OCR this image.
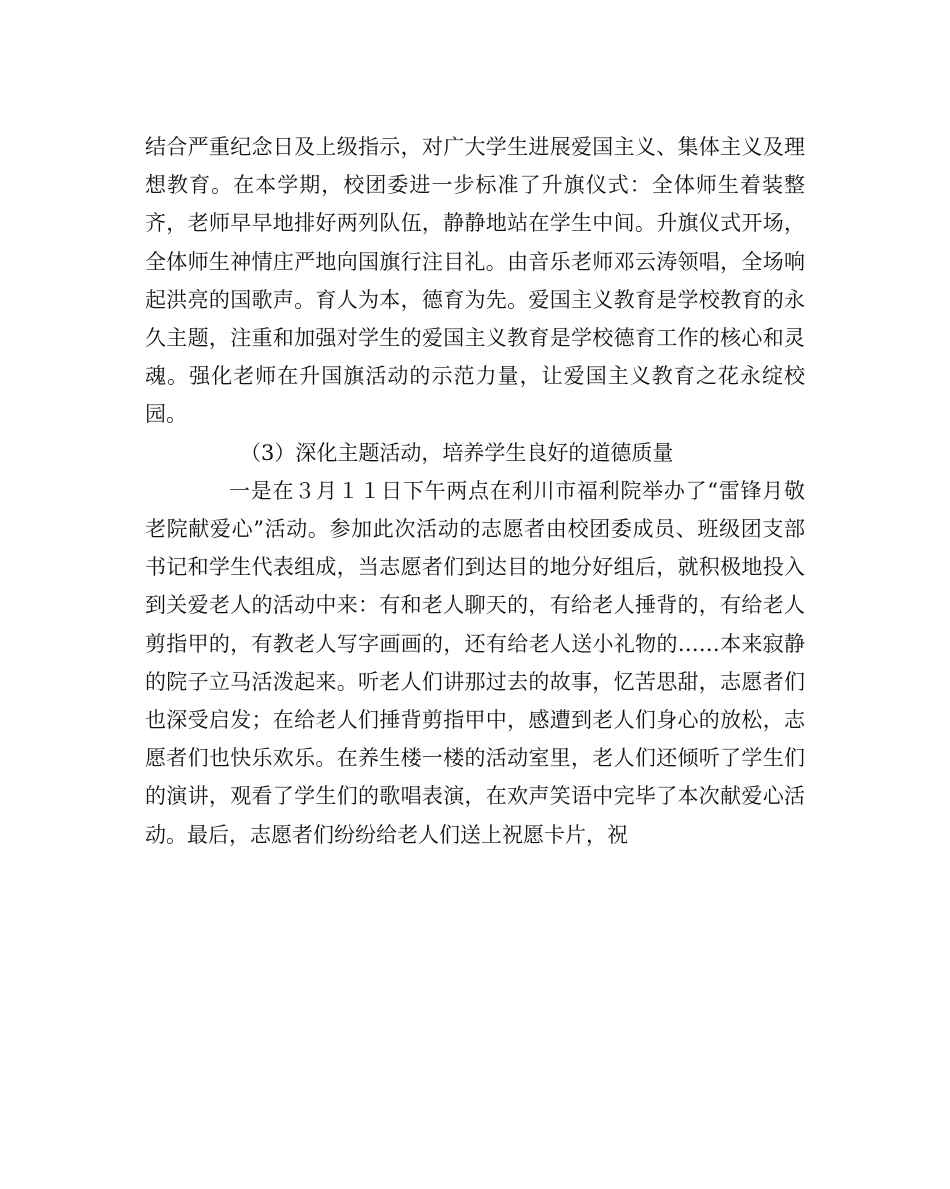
结合严重纪念日及上级指示，对广大学生进展爱国主义、集体主义及理想教育。在本学期，校团委进一步标准了升旗仪式：全体师生着装整齐，老师早早地排好两列队伍，静静地站在学生中间。升旗仪式开场，全体师生神情庄严地向国旗行注目礼。由音乐老师邓云涛领唱，全场响起洪亮的国歌声。育人为本，德育为先。爱国主义教育是学校教育的永久主题，注重和加强对学生的爱国主义教育是学校德育工作的核心和灵魂。强化老师在升国旗活动的示范力量，让爱国主义教育之花永绽校园。

（3）深化主题活动，培养学生良好的道德质量

一是在３月１１日下午两点在利川市福利院举办了“雷锋月敬老院献爱心”活动。参加此次活动的志愿者由校团委成员、班级团支部书记和学生代表组成，当志愿者们到达目的地分好组后，就积极地投入到关爱老人的活动中来：有和老人聊天的，有给老人捶背的，有给老人剪指甲的，有教老人写字画画的，还有给老人送小礼物的……本来寂静的院子立马活泼起来。听老人们讲那过去的故事，忆苦思甜，志愿者们也深受启发；在给老人们捶背剪指甲中，感遭到老人们身心的放松，志愿者们也快乐欢乐。在养生楼一楼的活动室里，老人们还倾听了学生们的演讲，观看了学生们的歌唱表演，在欢声笑语中完毕了本次献爱心活动。最后，志愿者们纷纷给老人们送上祝愿卡片，祝
